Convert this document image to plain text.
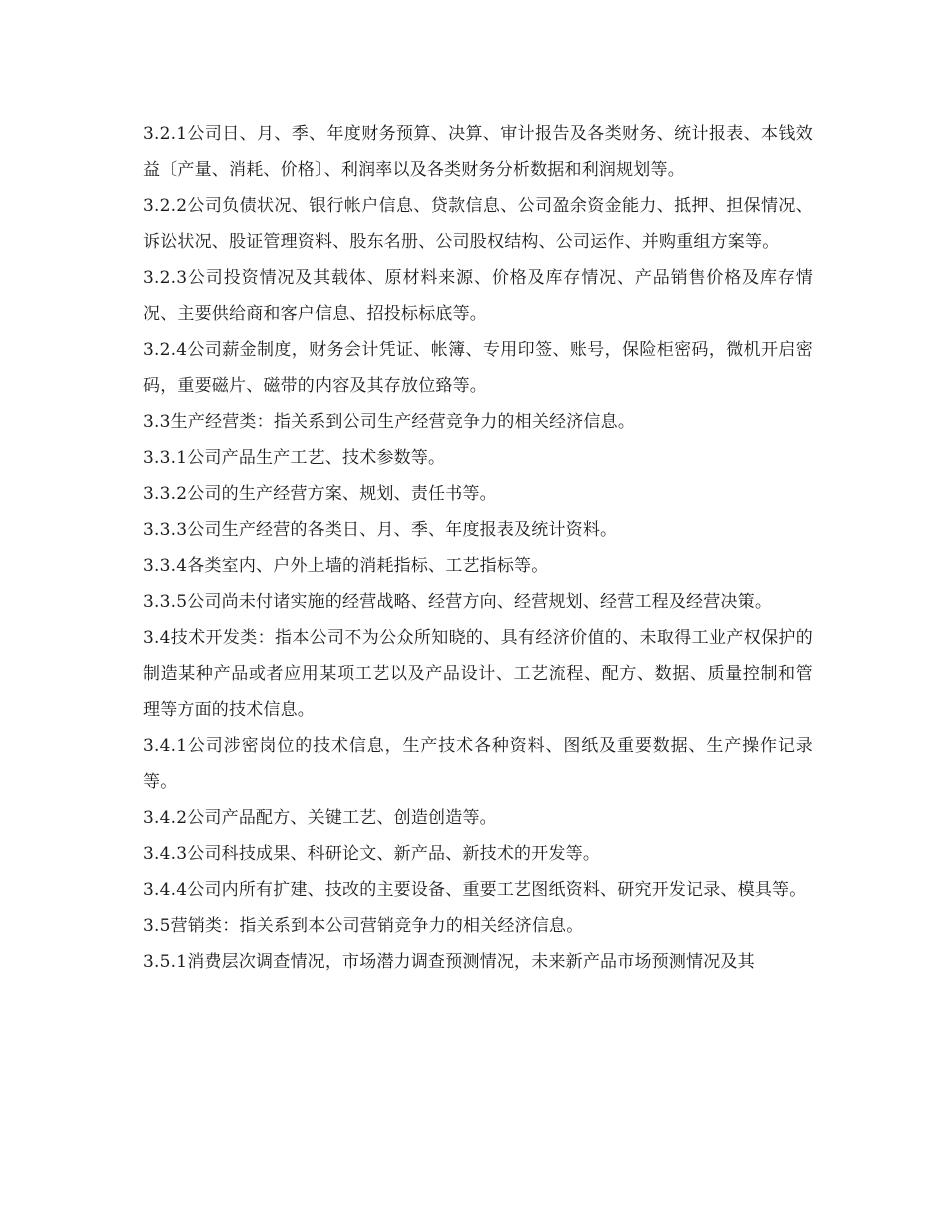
3.2.1公司日、月、季、年度财务预算、决算、审计报告及各类财务、统计报表、本钱效益〔产量、消耗、价格〕、利润率以及各类财务分析数据和利润规划等。

3.2.2公司负债状况、银行帐户信息、贷款信息、公司盈余资金能力、抵押、担保情况、诉讼状况、股证管理资料、股东名册、公司股权结构、公司运作、并购重组方案等。

3.2.3公司投资情况及其载体、原材料来源、价格及库存情况、产品销售价格及库存情况、主要供给商和客户信息、招投标标底等。

3.2.4公司薪金制度，财务会计凭证、帐簿、专用印签、账号，保险柜密码，微机开启密码，重要磁片、磁带的内容及其存放位臵等。

3.3生产经营类：指关系到公司生产经营竞争力的相关经济信息。

3.3.1公司产品生产工艺、技术参数等。

3.3.2公司的生产经营方案、规划、责任书等。

3.3.3公司生产经营的各类日、月、季、年度报表及统计资料。

3.3.4各类室内、户外上墙的消耗指标、工艺指标等。

3.3.5公司尚未付诸实施的经营战略、经营方向、经营规划、经营工程及经营决策。

3.4技术开发类：指本公司不为公众所知晓的、具有经济价值的、未取得工业产权保护的制造某种产品或者应用某项工艺以及产品设计、工艺流程、配方、数据、质量控制和管理等方面的技术信息。

3.4.1公司涉密岗位的技术信息，生产技术各种资料、图纸及重要数据、生产操作记录等。

3.4.2公司产品配方、关键工艺、创造创造等。

3.4.3公司科技成果、科研论文、新产品、新技术的开发等。

3.4.4公司内所有扩建、技改的主要设备、重要工艺图纸资料、研究开发记录、模具等。

3.5营销类：指关系到本公司营销竞争力的相关经济信息。

3.5.1消费层次调查情况，市场潜力调查预测情况，未来新产品市场预测情况及其
